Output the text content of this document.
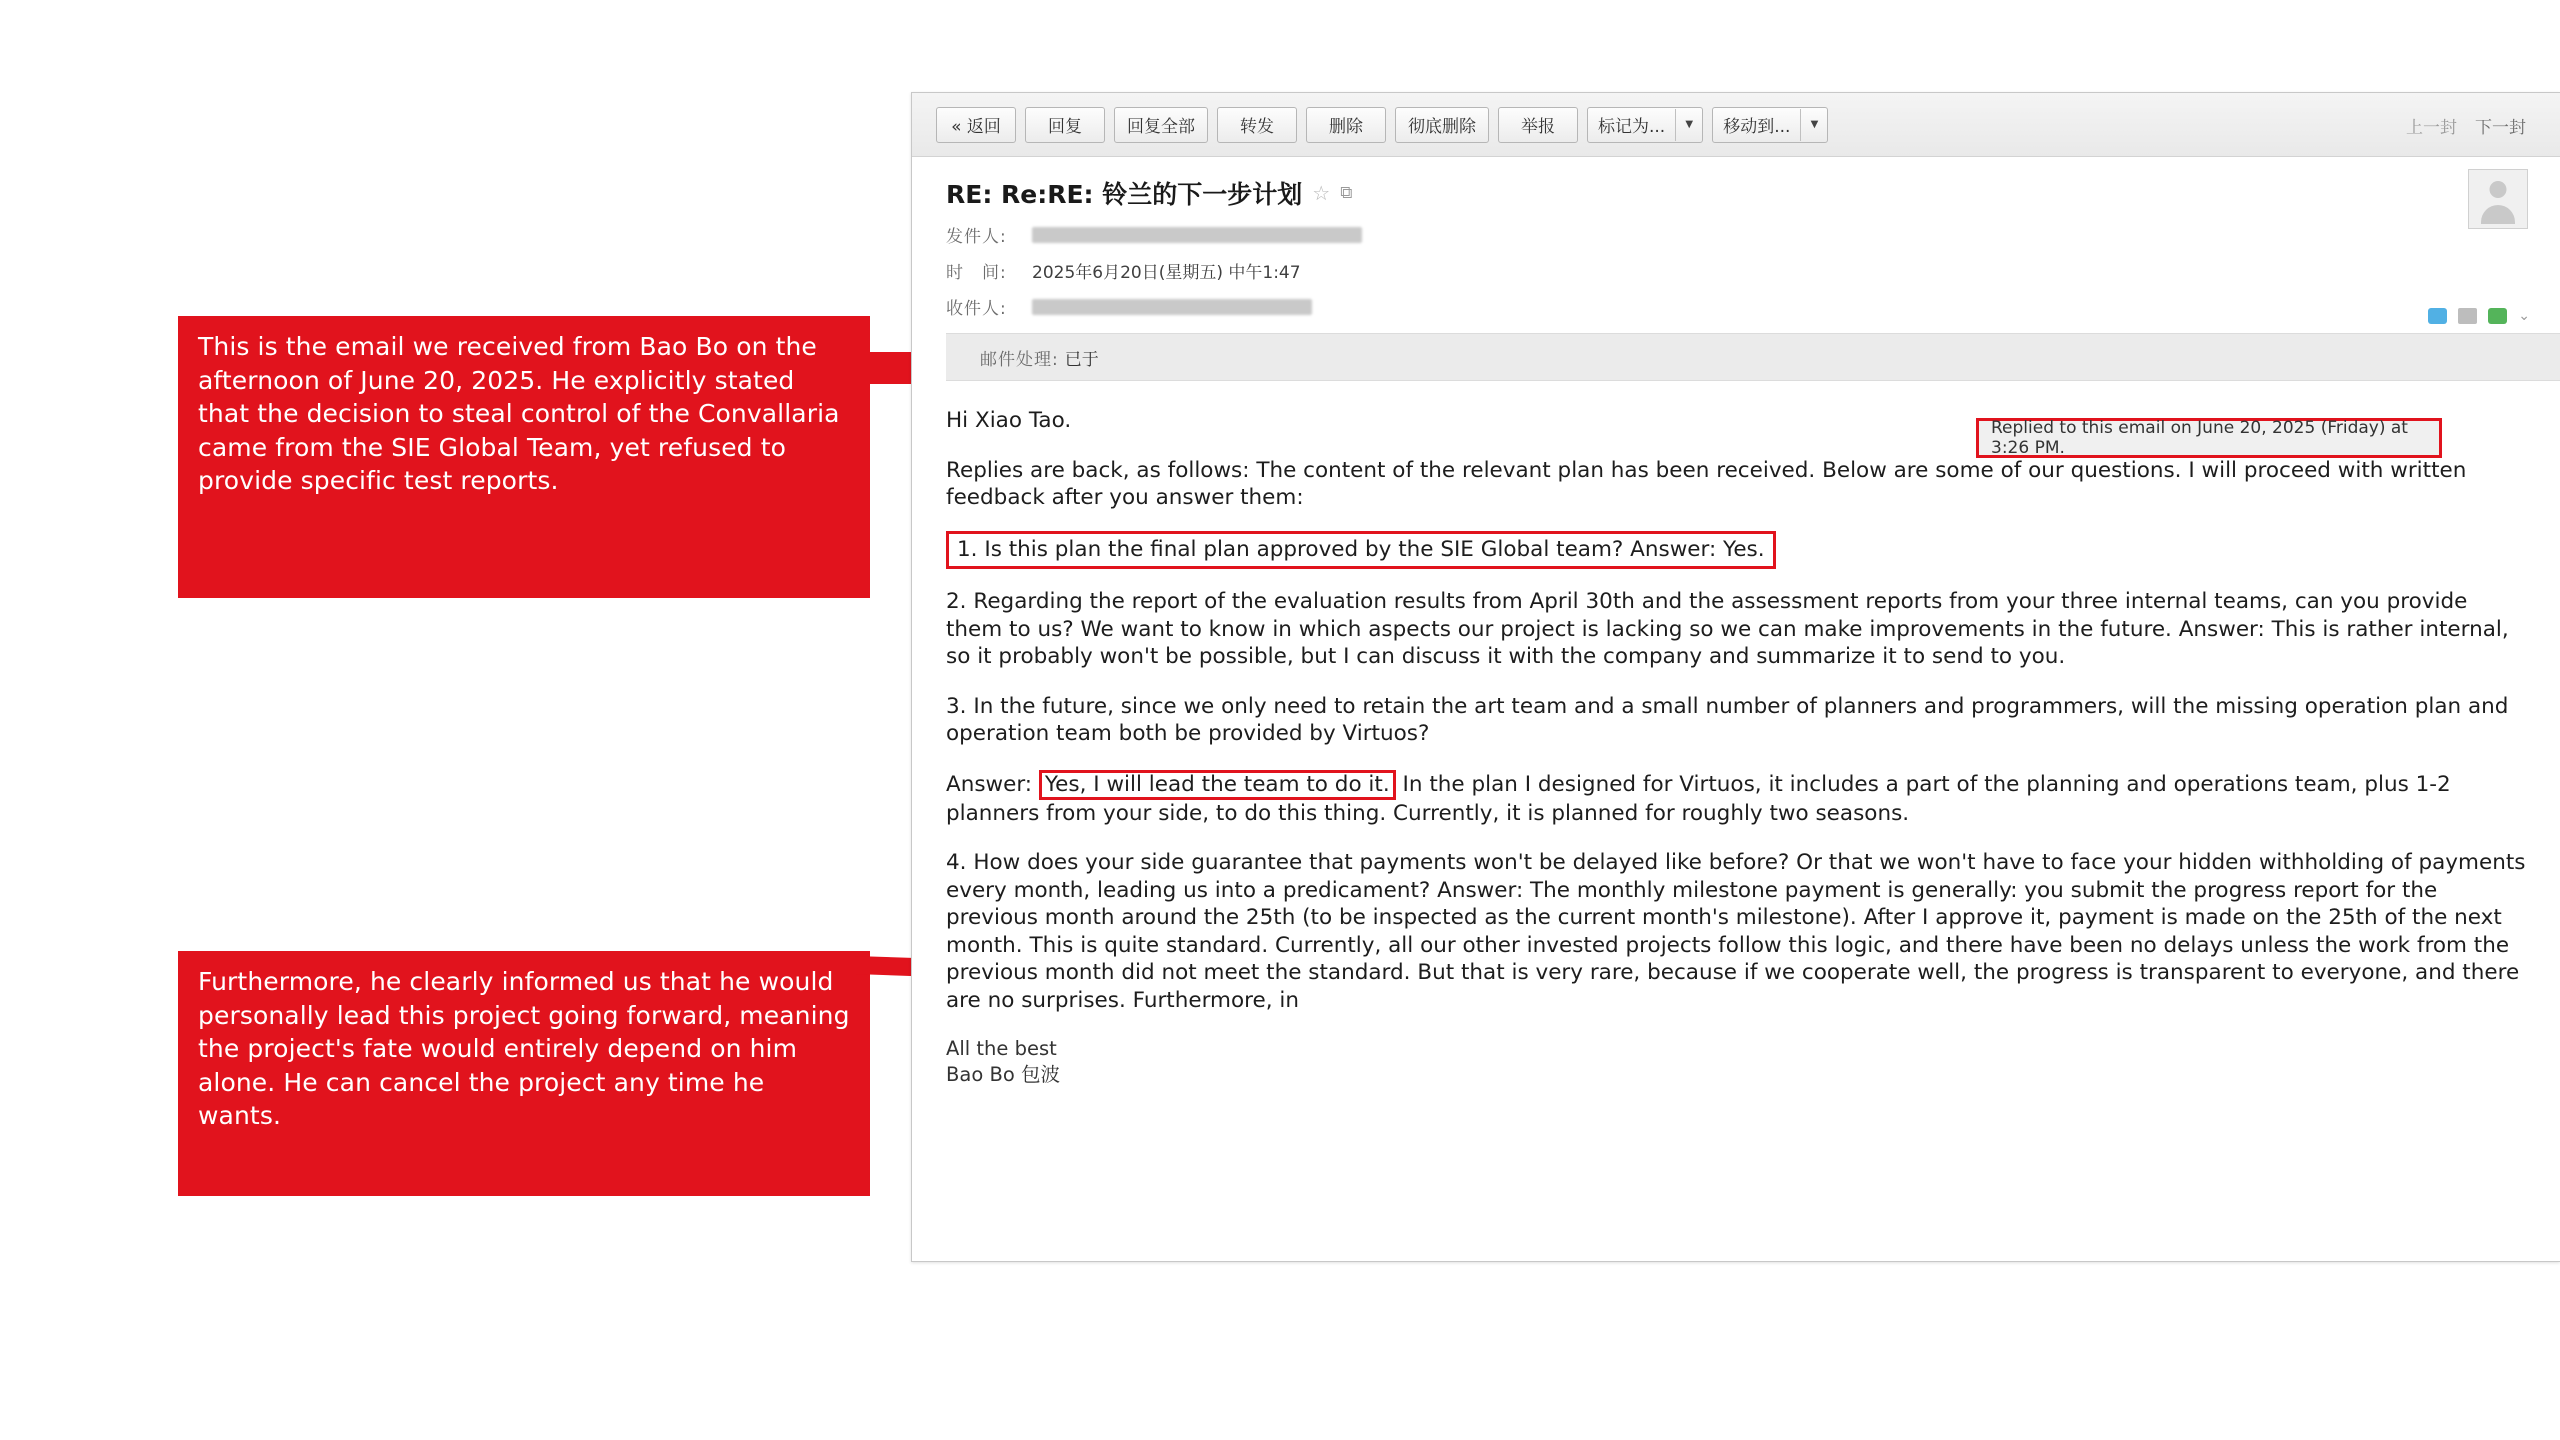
This is the email we received from Bao Bo on the afternoon of June 20, 2025. He explicitly stated that the decision to steal control of the Convallaria came from the SIE Global Team, yet refused to provide specific test reports.
Furthermore, he clearly informed us that he would personally lead this project going forward, meaning the project's fate would entirely depend on him alone. He can cancel the project any time he wants.
« 返回	回复	回复全部	转发	删除	彻底删除	举报	标记为...	▼	移动到...	▼	上一封 下一封
RE: Re:RE: 铃兰的下一步计划 ☆ ⧉
发件人:
时　间:	2025年6月20日(星期五) 中午1:47
收件人:	⌄
邮件处理: 已于
Replied to this email on June 20, 2025 (Friday) at 3:26 PM.

Hi Xiao Tao.

Replies are back, as follows: The content of the relevant plan has been received. Below are some of our questions. I will proceed with written feedback after you answer them:

1. Is this plan the final plan approved by the SIE Global team? Answer: Yes.

2. Regarding the report of the evaluation results from April 30th and the assessment reports from your three internal teams, can you provide them to us? We want to know in which aspects our project is lacking so we can make improvements in the future. Answer: This is rather internal, so it probably won't be possible, but I can discuss it with the company and summarize it to send to you.

3. In the future, since we only need to retain the art team and a small number of planners and programmers, will the missing operation plan and operation team both be provided by Virtuos?

Answer: Yes, I will lead the team to do it. In the plan I designed for Virtuos, it includes a part of the planning and operations team, plus 1-2 planners from your side, to do this thing. Currently, it is planned for roughly two seasons.

4. How does your side guarantee that payments won't be delayed like before? Or that we won't have to face your hidden withholding of payments every month, leading us into a predicament? Answer: The monthly milestone payment is generally: you submit the progress report for the previous month around the 25th (to be inspected as the current month's milestone). After I approve it, payment is made on the 25th of the next month. This is quite standard. Currently, all our other invested projects follow this logic, and there have been no delays unless the work from the previous month did not meet the standard. But that is very rare, because if we cooperate well, the progress is transparent to everyone, and there are no surprises. Furthermore, in

All the best
Bao Bo 包波
